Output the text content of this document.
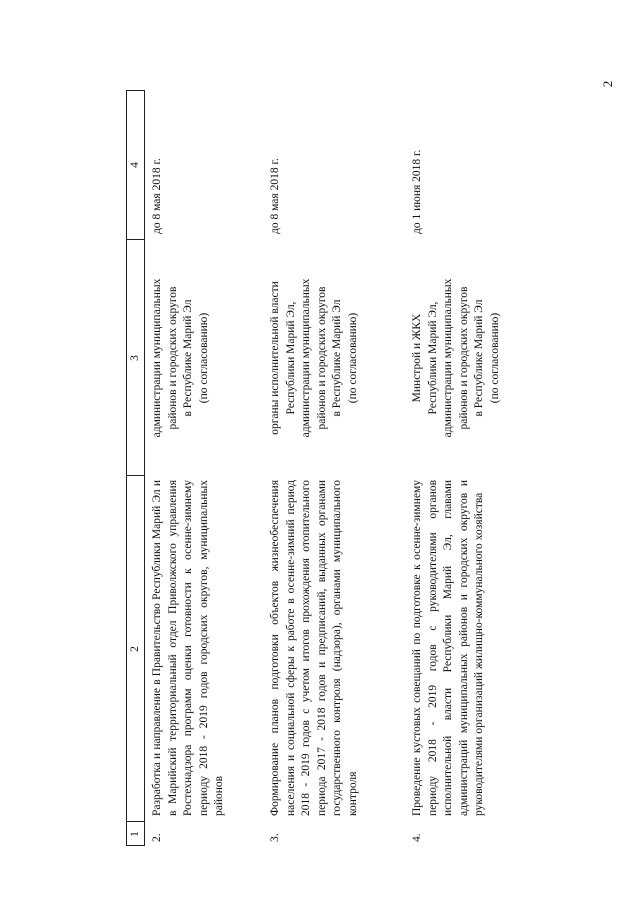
2
1
2
3
4
2.
Разработка и направление в Правительство Республики Марий Эл и в Марийский территориальный отдел Приволжского управления Ростехнадзора программ оценки готовности к осенне-зимнему периоду 2018 - 2019 годов городских округов, муниципальных районов
администрации муниципальных районов и городских округов в Республике Марий Эл (по согласованию)
до 8 мая 2018 г.
3.
Формирование планов подготовки объектов жизнеобеспечения населения и социальной сферы к работе в осенне-зимний период 2018 - 2019 годов с учетом итогов прохождения отопительного периода 2017 - 2018 годов и предписаний, выданных органами государственного контроля (надзора), органами муниципального контроля
органы исполнительной власти Республики Марий Эл, администрации муниципальных районов и городских округов в Республике Марий Эл (по согласованию)
до 8 мая 2018 г.
4.
Проведение кустовых совещаний по подготовке к осенне-зимнему периоду 2018 - 2019 годов с руководителями органов исполнительной власти Республики Марий Эл, главами администраций муниципальных районов и городских округов и руководителями организаций жилищно-коммунального хозяйства
Минстрой и ЖКХ Республики Марий Эл, администрации муниципальных районов и городских округов в Республике Марий Эл (по согласованию)
до 1 июня 2018 г.
